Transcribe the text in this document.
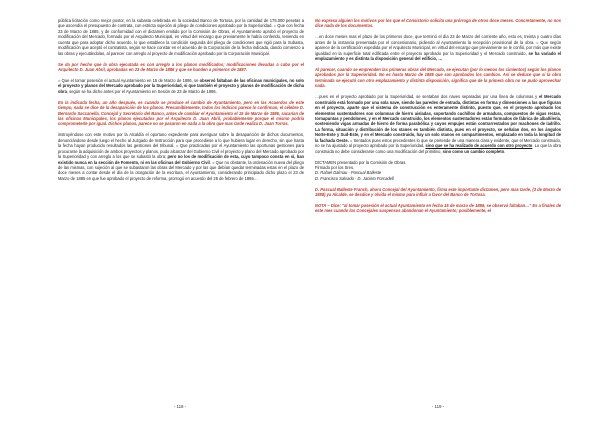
pública licitación como mejor postor, en la subasta celebrada en la sociedad Banco de Tortosa, por la cantidad de 175.000 pesetas a que ascendía el presupuesto de contrata, con estricta sujeción al pliego de condiciones aprobado por la Superioridad. = Que con fecha 23 de Marzo de 1885, y de conformidad con el dictamen emitido por la Comisión de Obras, el Ayuntamiento aprobó el proyecto de modificación del Mercado, formado por el Arquitecto Municipal, en virtud del encargo que previamente le había conferido, teniendo en cuenta que para adoptar dicho acuerdo, lo que establece la condición segunda del pliego de condiciones que rigió para la Subasta, modificación que aceptó el contratista, según se hace constar en el acuerdo de la Corporación de la fecha indicada, dando comienzo a las obras y ejecutándolas, al parecer con arreglo al proyecto de modificación aprobado por la Corporación Municipal.

Se da por hecho que la obra ejecutada es con arreglo a los planos modificados; modificaciones llevadas a cabo por el Arquitecto D. Juan Abril, aprobadas en 23 de Marzo de 1886 y que se hunden a primeros de 1887.

= Que el tomar posesión el actual Ayuntamiento en 15 de Marzo de 1886, se observó faltaban de las oficinas municipales, no solo el proyecto y planos del Mercado aprobado por la Superioridad, si que también el proyecto y planos de modificación de dicha obra, según se ha dicho antes por el Ayuntamiento en Sesión de 23 de Marzo de 1886.

En la indicada fecha, un año después, es cuando se produce el cambio de Ayuntamiento, pero en las Acuerdos de este tiempo, nada se dice de la desaparición de los planos. Presumiblemente, todos los indicios parece lo confirman, el célebre D. Bernardo Saccanella, Concejal y Secretario del Banco, antes de cambiar el Ayuntamiento el 15 de Marzo de 1886, sacarían de las oficinas Municipales, los planos ejecutados por el Arquitecto D. Juan Abril, probablemente porque el mismo podría comprometerle por igual. Dichos planos, parece no se pasaron en nada a la obra que mas tarde realiza D. Juan Torras.

instruyéndose con este motivo por la Alcaldía el oportuno expediente para averiguar sobre la desaparición de dichos documentos, denunciándose desde luego el hecho al Juzgado de Instrucción para que procediese a lo que hubiera lugar en derecho, sin que hasta la fecha hayan producido resultados las gestiones del tribunal. = Que practicadas por el Ayuntamiento las oportunas gestiones para procurarse la adquisición de ambos proyectos y planos, pudo alcanzar del Gobierno Civil el proyecto y plano del Mercado aprobado por la Superioridad y con arreglo a los que se subastó la obra; pero no los de modificación de esta, cuyo tampoco consta en sí, han existido nunca en la sección de Fomento, ni en las oficinas del Gobierno Civil. = Que no obstante, la ordenación nueva del pliego de las mismas, con sujeción al que se subastaron las obras del Mercado y por las que debían quedar terminadas estas en el plazo de doce meses a contar desde el día de la otorgación de la escritura, el Ayuntamiento, considerando principiado dicho plazo el 23 de Marzo de 1885 en que fue aprobado el proyecto de reforma, prorrogó en acuerdo del 25 de febrero de 1886…

- 118 -

No expresa alguien los motivos por los que el Consistorio solicita una prórroga de otros doce meses. Concretamente, no nos dice nada de los documentos.

…en doce meses mas el plazo de los primeros doce, que terminó el día 23 de Marzo del corriente año, esto es, treinta y cuatro días antes de la instancia presentada por el concesionario, pidiendo al Ayuntamiento la recepción provisional de la obra. = Que según aparece de la certificación expedida por el Arquitecto Municipal, en virtud del encargo que previamente se le confió, por más que existe igualdad en la superficie total edificada entre el proyecto aprobado por la Superioridad y el Mercado construido, se ha variado el emplazamiento y es distinta la disposición general del edificio, …

Al parecer, cuando se emprenden las primeras obras del Mercado, se ejecutan (por lo menos los cimientos) según los planos aprobados por la Superioridad. No es hasta Marzo de 1885 que son aprobados los cambios. Así se deduce que si la obra terminada se ejecutó con otro emplazamiento y distinta disposición, significa que de la primera obra no se pudo aprovechar nada.

…pues en el proyecto aprobado por la Superioridad, se sentaban dos naves separadas por una línea de columnas y el Mercado construido está formado por una sola nave, siendo las paredes de entrada, distintas en forma y dimensiones a las que figuran en el proyecto, aparte que el sistema de construcción es enteramente distinto, puesto que, en el proyecto aprobado los elementos sustentadores son columnas de hierro aisladas, soportando cuchillos de armadura, compuestos de vigas rectas, tornapuntas y pendolones, y en el Mercado construido, los elementos sustentadores están formados de fábrica de albañilería, sosteniendo vigas armadas de hierro de forma parabólica y cuyos empujes están contrarrestados por machones de ladrillo. La forma, situación y distribución de los stanes es también distinta, pues en el proyecto, se señalan dos, en los ángulos Norte-Este y Sud-Este, y en el Mercado construido, hay un solo stanos en compartimentos, emplazado en toda la longitud de la fachada Oeste. = Sentados pues estos precedentes lo que se pretende de una manera clara y evidente, que el Mercado construido, no se ha ajustado al proyecto aprobado por la Superioridad, sino que se ha realizado de acuerdo con otro proyecto. Lo que la obra construida no debe considerarse como una modificación del primitivo, sino como un cambio completo.

DICTAMEN presentado por la Comisión de Obras.
Firmado por los Sres.
D. Rafael Dalmau - Pascual Balleste
D. Francisco Salvado - D. Jacinto Forcadell

D. Pascual Balleste Franch, ahora Concejal del Ayuntamiento, firma este importante dictamen, pero mas tarde, (3 de Marzo de 1888) ya Alcalde, se desdice y olvida el mismo para influir a favor del Banco de Tortosa.

NOTA – Dice: "al tomar posesión el actual Ayuntamiento en fecha 15 de marzo de 1886, se observó faltaban…" Es a finales de este mes cuando los Concejales suspensos abandonan el Ayuntamiento; posiblemente, el

- 119 -
